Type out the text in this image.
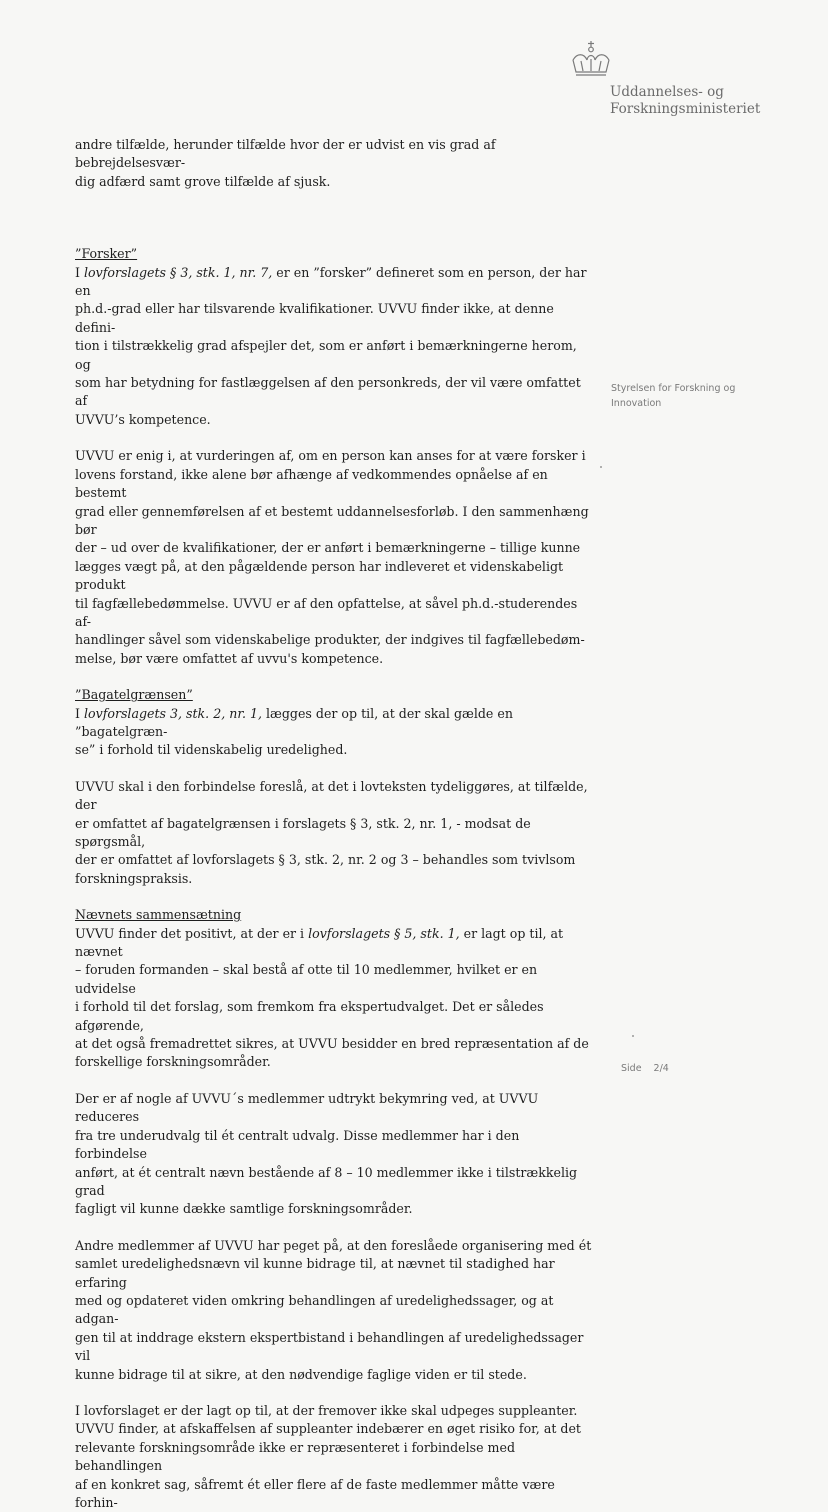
Uddannelses- og
Forskningsministeriet
Styrelsen for Forskning og
Innovation
Side 2/4

andre tilfælde, herunder tilfælde hvor der er udvist en vis grad af bebrejdelsesvær-
dig adfærd samt grove tilfælde af sjusk.

”Forsker”

I lovforslagets § 3, stk. 1, nr. 7, er en ”forsker” defineret som en person, der har en
ph.d.-grad eller har tilsvarende kvalifikationer. UVVU finder ikke, at denne defini-
tion i tilstrækkelig grad afspejler det, som er anført i bemærkningerne herom, og
som har betydning for fastlæggelsen af den personkreds, der vil være omfattet af
UVVU’s kompetence.

UVVU er enig i, at vurderingen af, om en person kan anses for at være forsker i
lovens forstand, ikke alene bør afhænge af vedkommendes opnåelse af en bestemt
grad eller gennemførelsen af et bestemt uddannelsesforløb. I den sammenhæng bør
der – ud over de kvalifikationer, der er anført i bemærkningerne – tillige kunne
lægges vægt på, at den pågældende person har indleveret et videnskabeligt produkt
til fagfællebedømmelse. UVVU er af den opfattelse, at såvel ph.d.-studerendes af-
handlinger såvel som videnskabelige produkter, der indgives til fagfællebedøm-
melse, bør være omfattet af uvvu's kompetence.

”Bagatelgrænsen”

I lovforslagets 3, stk. 2, nr. 1, lægges der op til, at der skal gælde en ”bagatelgræn-
se” i forhold til videnskabelig uredelighed.

UVVU skal i den forbindelse foreslå, at det i lovteksten tydeliggøres, at tilfælde, der
er omfattet af bagatelgrænsen i forslagets § 3, stk. 2, nr. 1, - modsat de spørgsmål,
der er omfattet af lovforslagets § 3, stk. 2, nr. 2 og 3 – behandles som tvivlsom
forskningspraksis.

Nævnets sammensætning

UVVU finder det positivt, at der er i lovforslagets § 5, stk. 1, er lagt op til, at nævnet
– foruden formanden – skal bestå af otte til 10 medlemmer, hvilket er en udvidelse
i forhold til det forslag, som fremkom fra ekspertudvalget. Det er således afgørende,
at det også fremadrettet sikres, at UVVU besidder en bred repræsentation af de
forskellige forskningsområder.

Der er af nogle af UVVU´s medlemmer udtrykt bekymring ved, at UVVU reduceres
fra tre underudvalg til ét centralt udvalg. Disse medlemmer har i den forbindelse
anført, at ét centralt nævn bestående af 8 – 10 medlemmer ikke i tilstrækkelig grad
fagligt vil kunne dække samtlige forskningsområder.

Andre medlemmer af UVVU har peget på, at den foreslåede organisering med ét
samlet uredelighedsnævn vil kunne bidrage til, at nævnet til stadighed har erfaring
med og opdateret viden omkring behandlingen af uredelighedssager, og at adgan-
gen til at inddrage ekstern ekspertbistand i behandlingen af uredelighedssager vil
kunne bidrage til at sikre, at den nødvendige faglige viden er til stede.

I lovforslaget er der lagt op til, at der fremover ikke skal udpeges suppleanter.
UVVU finder, at afskaffelsen af suppleanter indebærer en øget risiko for, at det
relevante forskningsområde ikke er repræsenteret i forbindelse med behandlingen
af en konkret sag, såfremt ét eller flere af de faste medlemmer måtte være forhin-
